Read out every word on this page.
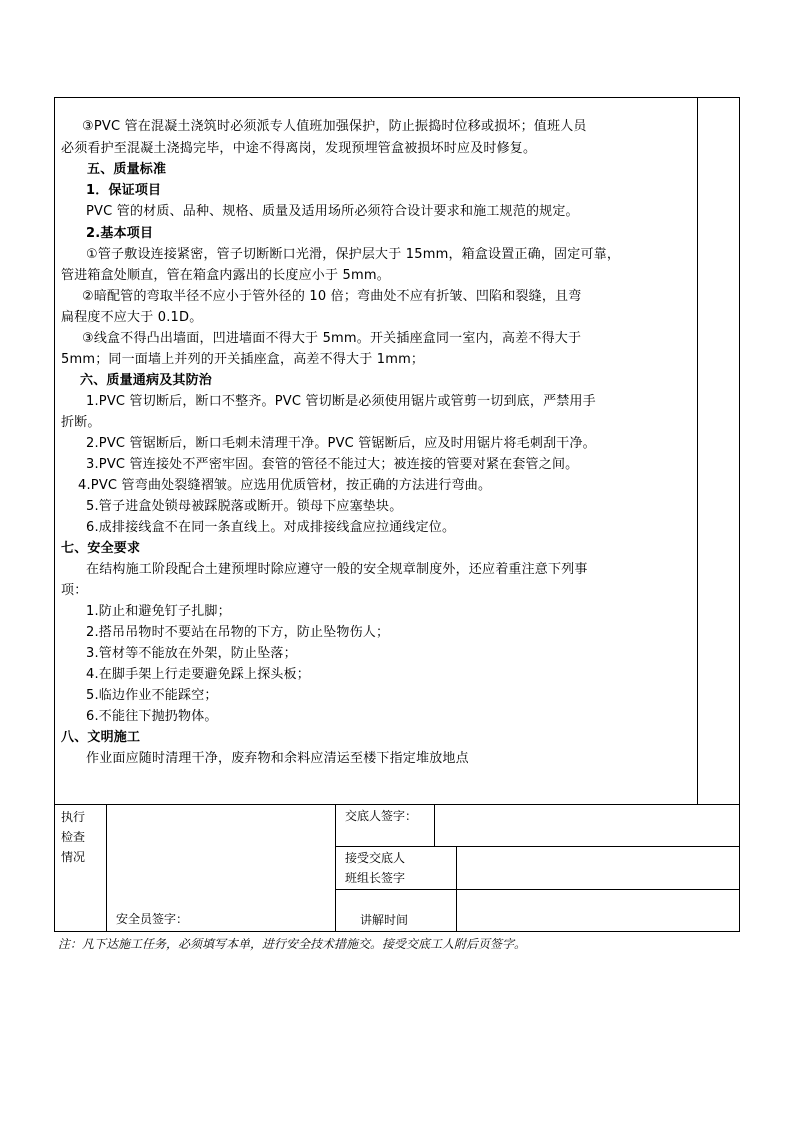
③PVC 管在混凝土浇筑时必须派专人值班加强保护，防止振捣时位移或损坏；值班人员
必须看护至混凝土浇捣完毕，中途不得离岗，发现预埋管盒被损坏时应及时修复。
五、质量标准
1．保证项目
PVC 管的材质、品种、规格、质量及适用场所必须符合设计要求和施工规范的规定。
2.基本项目
①管子敷设连接紧密，管子切断断口光滑，保护层大于 15mm，箱盒设置正确，固定可靠，
管进箱盒处顺直，管在箱盒内露出的长度应小于 5mm。
②暗配管的弯取半径不应小于管外径的 10 倍；弯曲处不应有折皱、凹陷和裂缝，且弯
扁程度不应大于 0.1D。
③线盒不得凸出墙面，凹进墙面不得大于 5mm。开关插座盒同一室内，高差不得大于
5mm；同一面墙上并列的开关插座盒，高差不得大于 1mm；
六、质量通病及其防治
1.PVC 管切断后，断口不整齐。PVC 管切断是必须使用锯片或管剪一切到底，严禁用手
折断。
2.PVC 管锯断后，断口毛刺未清理干净。PVC 管锯断后，应及时用锯片将毛刺刮干净。
3.PVC 管连接处不严密牢固。套管的管径不能过大；被连接的管要对紧在套管之间。
4.PVC 管弯曲处裂缝褶皱。应选用优质管材，按正确的方法进行弯曲。
5.管子进盒处锁母被踩脱落或断开。锁母下应塞垫块。
6.成排接线盒不在同一条直线上。对成排接线盒应拉通线定位。
七、安全要求
在结构施工阶段配合土建预埋时除应遵守一般的安全规章制度外，还应着重注意下列事
项：
1.防止和避免钉子扎脚；
2.搭吊吊物时不要站在吊物的下方，防止坠物伤人；
3.管材等不能放在外架，防止坠落；
4.在脚手架上行走要避免踩上探头板；
5.临边作业不能踩空；
6.不能往下抛扔物体。
八、文明施工
作业面应随时清理干净，废弃物和余料应清运至楼下指定堆放地点
执行
检查
情况
安全员签字：
交底人签字：
接受交底人
班组长签字
讲解时间
注：凡下达施工任务，必须填写本单，进行安全技术措施交。接受交底工人附后页签字。
